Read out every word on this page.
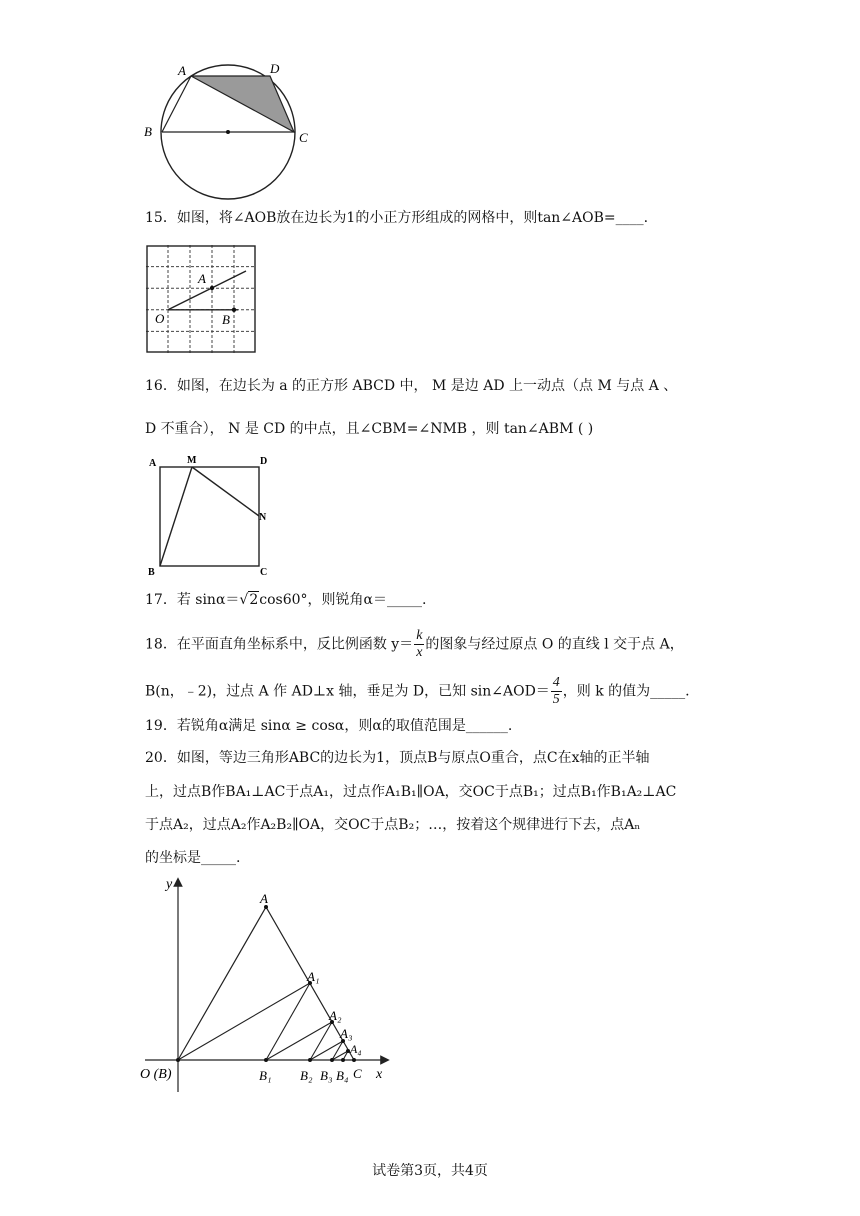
A	D
B	C
15．如图，将∠AOB放在边长为1的小正方形组成的网格中，则tan∠AOB=____.
A
O	B
16．如图，在边长为 a 的正方形 ABCD 中， M 是边 AD 上一动点（点 M 与点 A 、
D 不重合）， N 是 CD 的中点，且∠CBM=∠NMB ，则 tan∠ABM ( )
A	M	D
N
B	C
17．若 sinα＝√2cos60°，则锐角α＝_____.
18．在平面直角坐标系中，反比例函数 $y= \frac{k}{x}$ 的图象与经过原点 O 的直线 l 交于点 A，
B(n，﹣2)，过点 A 作 AD⊥x 轴，垂足为 D，已知 sin∠AOD＝ $\frac{4}{5}$ ，则 k 的值为_____.
19．若锐角α满足 sinα ≥ cosα，则α的取值范围是______.
20．如图，等边三角形ABC的边长为1，顶点B与原点O重合，点C在x轴的正半轴
上，过点B作BA₁⊥AC于点A₁，过点作A₁B₁∥OA，交OC于点B₁；过点B₁作B₁A₂⊥AC
于点A₂，过点A₂作A₂B₂∥OA，交OC于点B₂；…，按着这个规律进行下去，点Aₙ
的坐标是_____.
y
x
A
A₁
A₂
A₃
A₄
O (B)	B₁ B₂ B₃ B₄ C
试卷第3页，共4页
